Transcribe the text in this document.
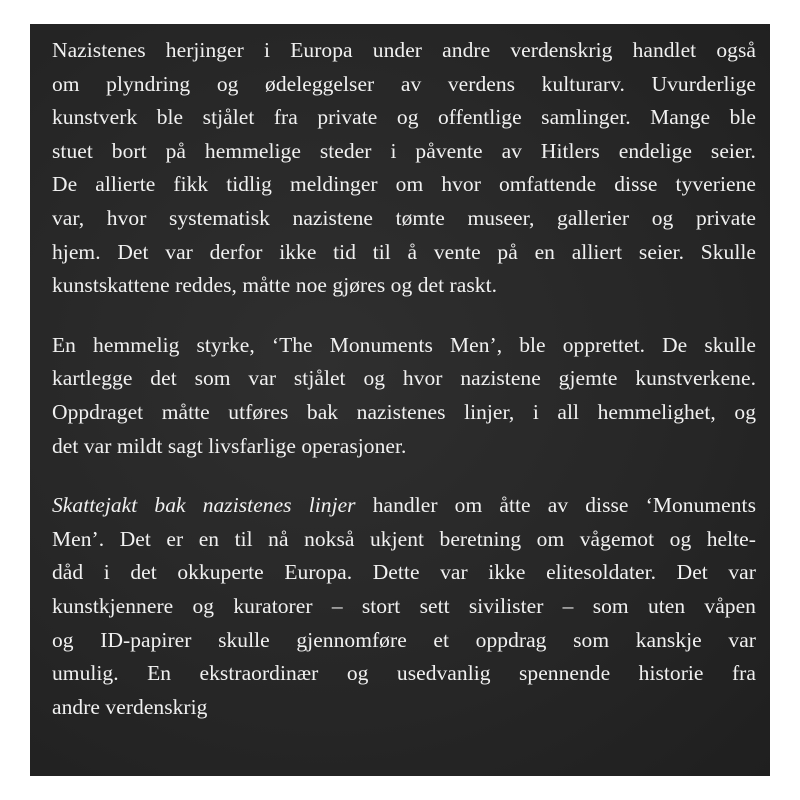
Nazistenes herjinger i Europa under andre verdenskrig handlet også
om plyndring og ødeleggelser av verdens kulturarv. Uvurderlige
kunstverk ble stjålet fra private og offentlige samlinger. Mange ble
stuet bort på hemmelige steder i påvente av Hitlers endelige seier.
De allierte fikk tidlig meldinger om hvor omfattende disse tyveriene
var, hvor systematisk nazistene tømte museer, gallerier og private
hjem. Det var derfor ikke tid til å vente på en alliert seier. Skulle
kunstskattene reddes, måtte noe gjøres og det raskt.
En hemmelig styrke, ‘The Monuments Men’, ble opprettet. De skulle
kartlegge det som var stjålet og hvor nazistene gjemte kunstverkene.
Oppdraget måtte utføres bak nazistenes linjer, i all hemmelighet, og
det var mildt sagt livsfarlige operasjoner.
Skattejakt bak nazistenes linjer handler om åtte av disse ‘Monuments
Men’. Det er en til nå nokså ukjent beretning om vågemot og helte-
dåd i det okkuperte Europa. Dette var ikke elitesoldater. Det var
kunstkjennere og kuratorer – stort sett sivilister – som uten våpen
og ID-papirer skulle gjennomføre et oppdrag som kanskje var
umulig. En ekstraordinær og usedvanlig spennende historie fra
andre verdenskrig
